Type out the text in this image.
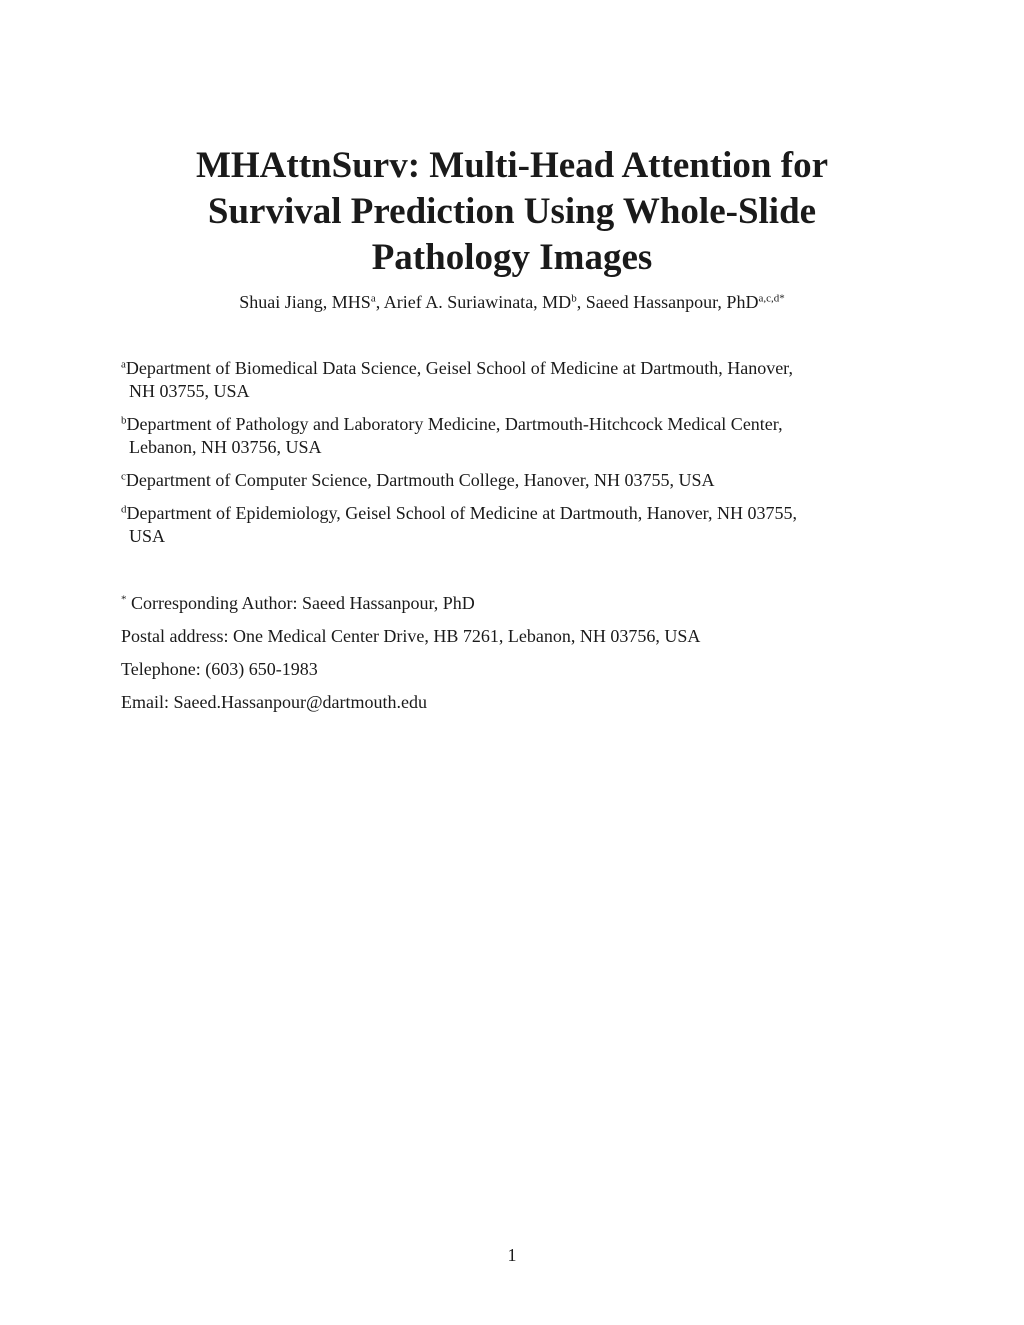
MHAttnSurv: Multi-Head Attention for
Survival Prediction Using Whole-Slide
Pathology Images
Shuai Jiang, MHS$^a$, Arief A. Suriawinata, $MD^b$, Saeed Hassanpour, PhD$^{a,c,d*}$
$^a$Department of Biomedical Data Science, Geisel School of Medicine at Dartmouth, Hanover,
NH 03755, USA
$^b$Department of Pathology and Laboratory Medicine, Dartmouth-Hitchcock Medical Center,
Lebanon, NH 03756, USA
$^c$Department of Computer Science, Dartmouth College, Hanover, NH 03755, USA
$^d$Department of Epidemiology, Geisel School of Medicine at Dartmouth, Hanover, NH 03755,
USA
* Corresponding Author: Saeed Hassanpour, PhD
Postal address: One Medical Center Drive, HB 7261, Lebanon, NH 03756, USA
Telephone: (603) 650-1983
Email: Saeed.Hassanpour@dartmouth.edu
1
